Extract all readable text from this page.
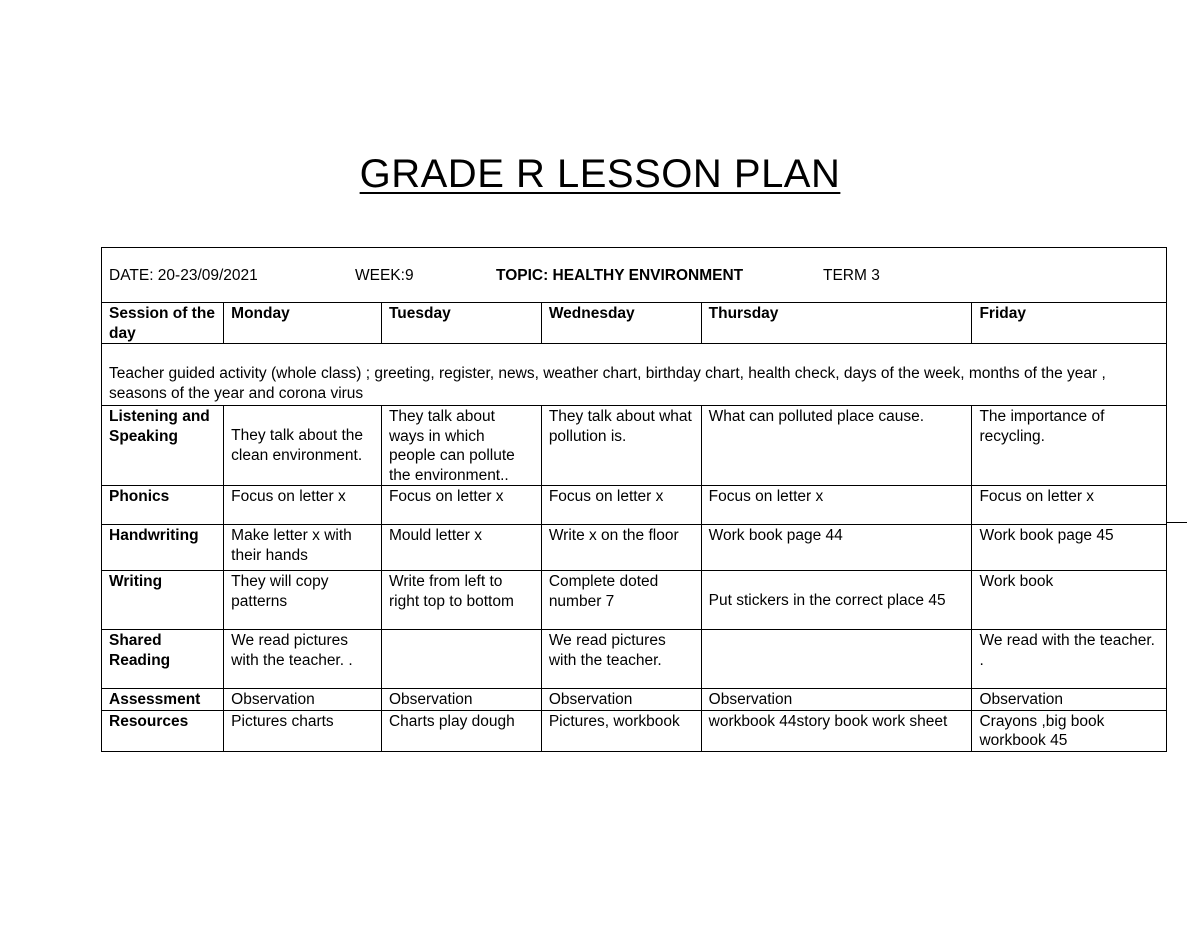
GRADE R LESSON PLAN
DATE: 20-23/09/2021 WEEK:9 TOPIC: HEALTHY ENVIRONMENT TERM 3					

Session of the day	Monday	Tuesday	Wednesday	Thursday	Friday
Teacher guided activity (whole class) ; greeting, register, news, weather chart, birthday chart, health check, days of the week, months of the year , seasons of the year and corona virus					
Listening and Speaking	They talk about the clean environment.	They talk about ways in which people can pollute the environment..	They talk about what pollution is.	What can polluted place cause.	The importance of recycling.
Phonics	Focus on letter x	Focus on letter x	Focus on letter x	Focus on letter x	Focus on letter x
Handwriting	Make letter x with their hands	Mould letter x	Write x on the floor	Work book page 44	Work book page 45
Writing	They will copy patterns	Write from left to right top to bottom	Complete doted number 7	Put stickers in the correct place 45	Work book
Shared Reading	We read pictures with the teacher. .		We read pictures with the teacher.		We read with the teacher. .
Assessment	Observation	Observation	Observation	Observation	Observation
Resources	Pictures charts	Charts play dough	Pictures, workbook	workbook 44story book work sheet	Crayons ,big book workbook 45
